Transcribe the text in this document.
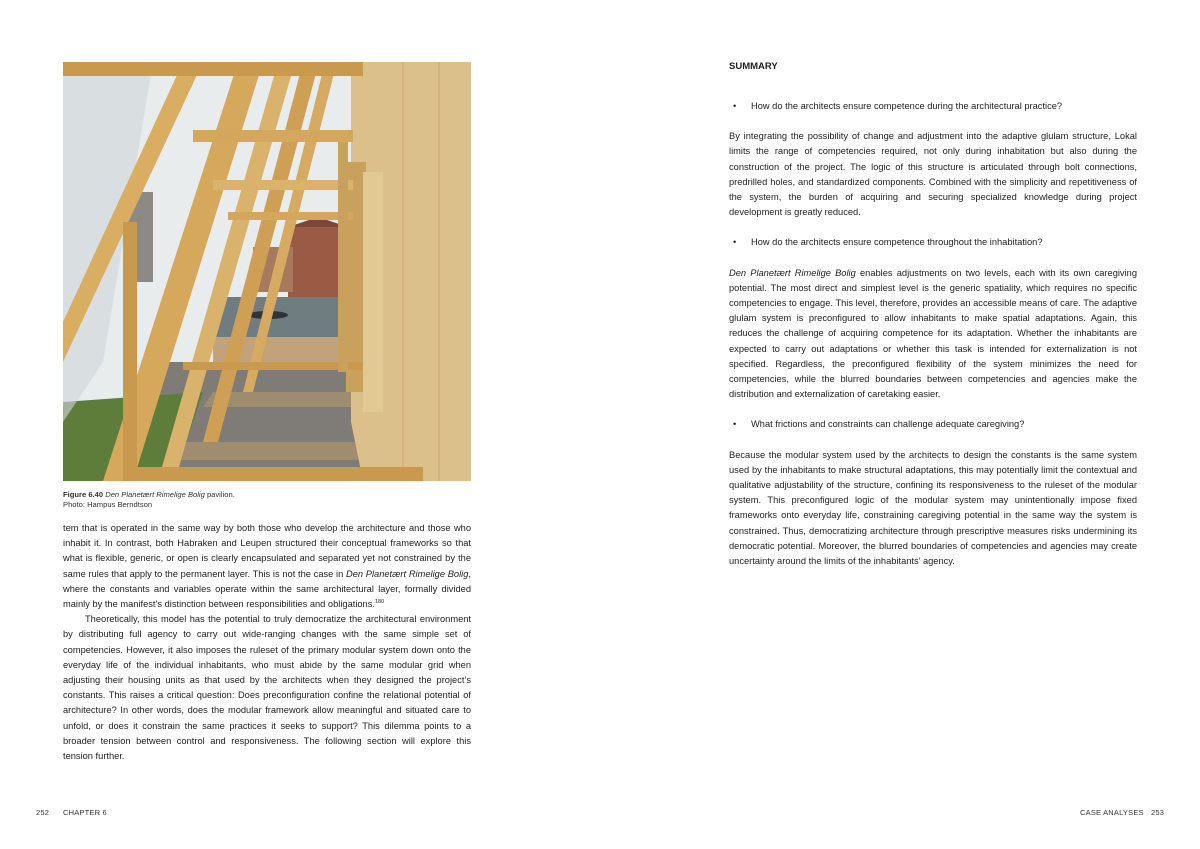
Figure 6.40 Den Planetært Rimelige Bolig pavilion.
Photo: Hampus Berndtson

tem that is operated in the same way by both those who develop the architecture and those who inhabit it. In contrast, both Habraken and Leupen structured their conceptual frameworks so that what is flexible, generic, or open is clearly encapsulated and separated yet not constrained by the same rules that apply to the permanent layer. This is not the case in Den Planetært Rimelige Bolig, where the constants and variables operate within the same architectural layer, formally divided mainly by the manifest’s distinction between responsibilities and obligations.$^{180}$

Theoretically, this model has the potential to truly democratize the architectural environment by distributing full agency to carry out wide-ranging changes with the same simple set of competencies. However, it also imposes the ruleset of the primary modular system down onto the everyday life of the individual inhabitants, who must abide by the same modular grid when adjusting their housing units as that used by the architects when they designed the project’s constants. This raises a critical question: Does preconfiguration confine the relational potential of architecture? In other words, does the modular framework allow meaningful and situated care to unfold, or does it constrain the same practices it seeks to support? This dilemma points to a broader tension between control and responsiveness. The following section will explore this tension further.

SUMMARY

• How do the architects ensure competence during the architectural practice?

By integrating the possibility of change and adjustment into the adaptive glulam structure, Lokal limits the range of competencies required, not only during inhabitation but also during the construction of the project. The logic of this structure is articulated through bolt connections, predrilled holes, and standardized components. Combined with the simplicity and repetitiveness of the system, the burden of acquiring and securing specialized knowledge during project development is greatly reduced.

• How do the architects ensure competence throughout the inhabitation?

Den Planetært Rimelige Bolig enables adjustments on two levels, each with its own caregiving potential. The most direct and simplest level is the generic spatiality, which requires no specific competencies to engage. This level, therefore, provides an accessible means of care. The adaptive glulam system is preconfigured to allow inhabitants to make spatial adaptations. Again, this reduces the challenge of acquiring competence for its adaptation. Whether the inhabitants are expected to carry out adaptations or whether this task is intended for externalization is not specified. Regardless, the preconfigured flexibility of the system minimizes the need for competencies, while the blurred boundaries between competencies and agencies make the distribution and externalization of caretaking easier.

• What frictions and constraints can challenge adequate caregiving?

Because the modular system used by the architects to design the constants is the same system used by the inhabitants to make structural adaptations, this may potentially limit the contextual and qualitative adjustability of the structure, confining its responsiveness to the ruleset of the modular system. This preconfigured logic of the modular system may unintentionally impose fixed frameworks onto everyday life, constraining caregiving potential in the same way the system is constrained. Thus, democratizing architecture through prescriptive measures risks undermining its democratic potential. Moreover, the blurred boundaries of competencies and agencies may create uncertainty around the limits of the inhabitants’ agency.

252 CHAPTER 6	CASE ANALYSES 253
